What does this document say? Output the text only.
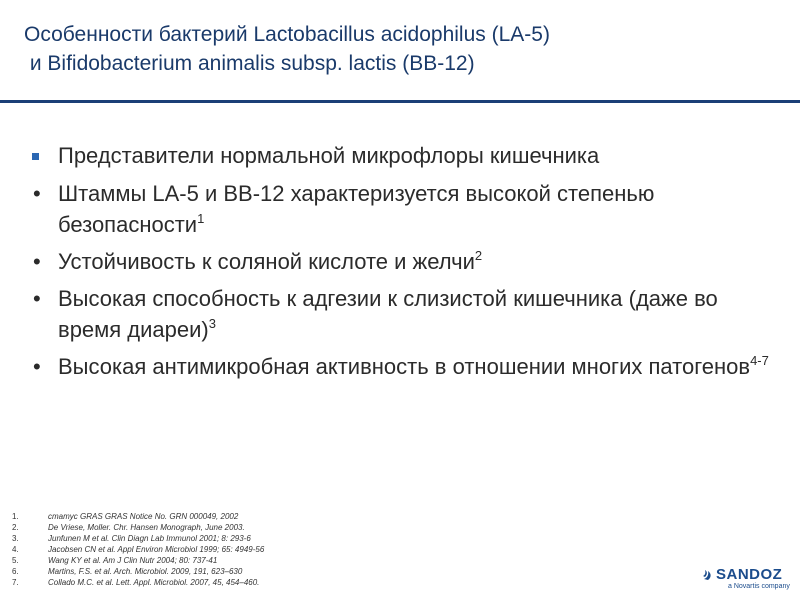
Особенности бактерий Lactobacillus acidophilus (LA-5)
и Bifidobacterium animalis subsp. lactis (BB-12)
Представители нормальной микрофлоры кишечника
• Штаммы LA-5 и BB-12 характеризуется высокой степенью безопасности$^1$
• Устойчивость к соляной кислоте и желчи$^2$
• Высокая способность к адгезии к слизистой кишечника (даже во время диареи)$^3$
• Высокая антимикробная активность в отношении многих патогенов$^{4-7}$
1.	cmamyc GRAS GRAS Notice No. GRN 000049, 2002
2.	De Vriese, Moller. Chr. Hansen Monograph, June 2003.
3.	Junfunen M et al. Clin Diagn Lab Immunol 2001; 8: 293-6
4.	Jacobsen CN et al. Appl Environ Microbiol 1999; 65: 4949-56
5.	Wang KY et al. Am J Clin Nutr 2004; 80: 737-41
6.	Martins, F.S. et al. Arch. Microbiol. 2009, 191, 623–630
7.	Collado M.C. et al. Lett. Appl. Microbiol. 2007, 45, 454–460.	SANDOZ
a Novartis company
